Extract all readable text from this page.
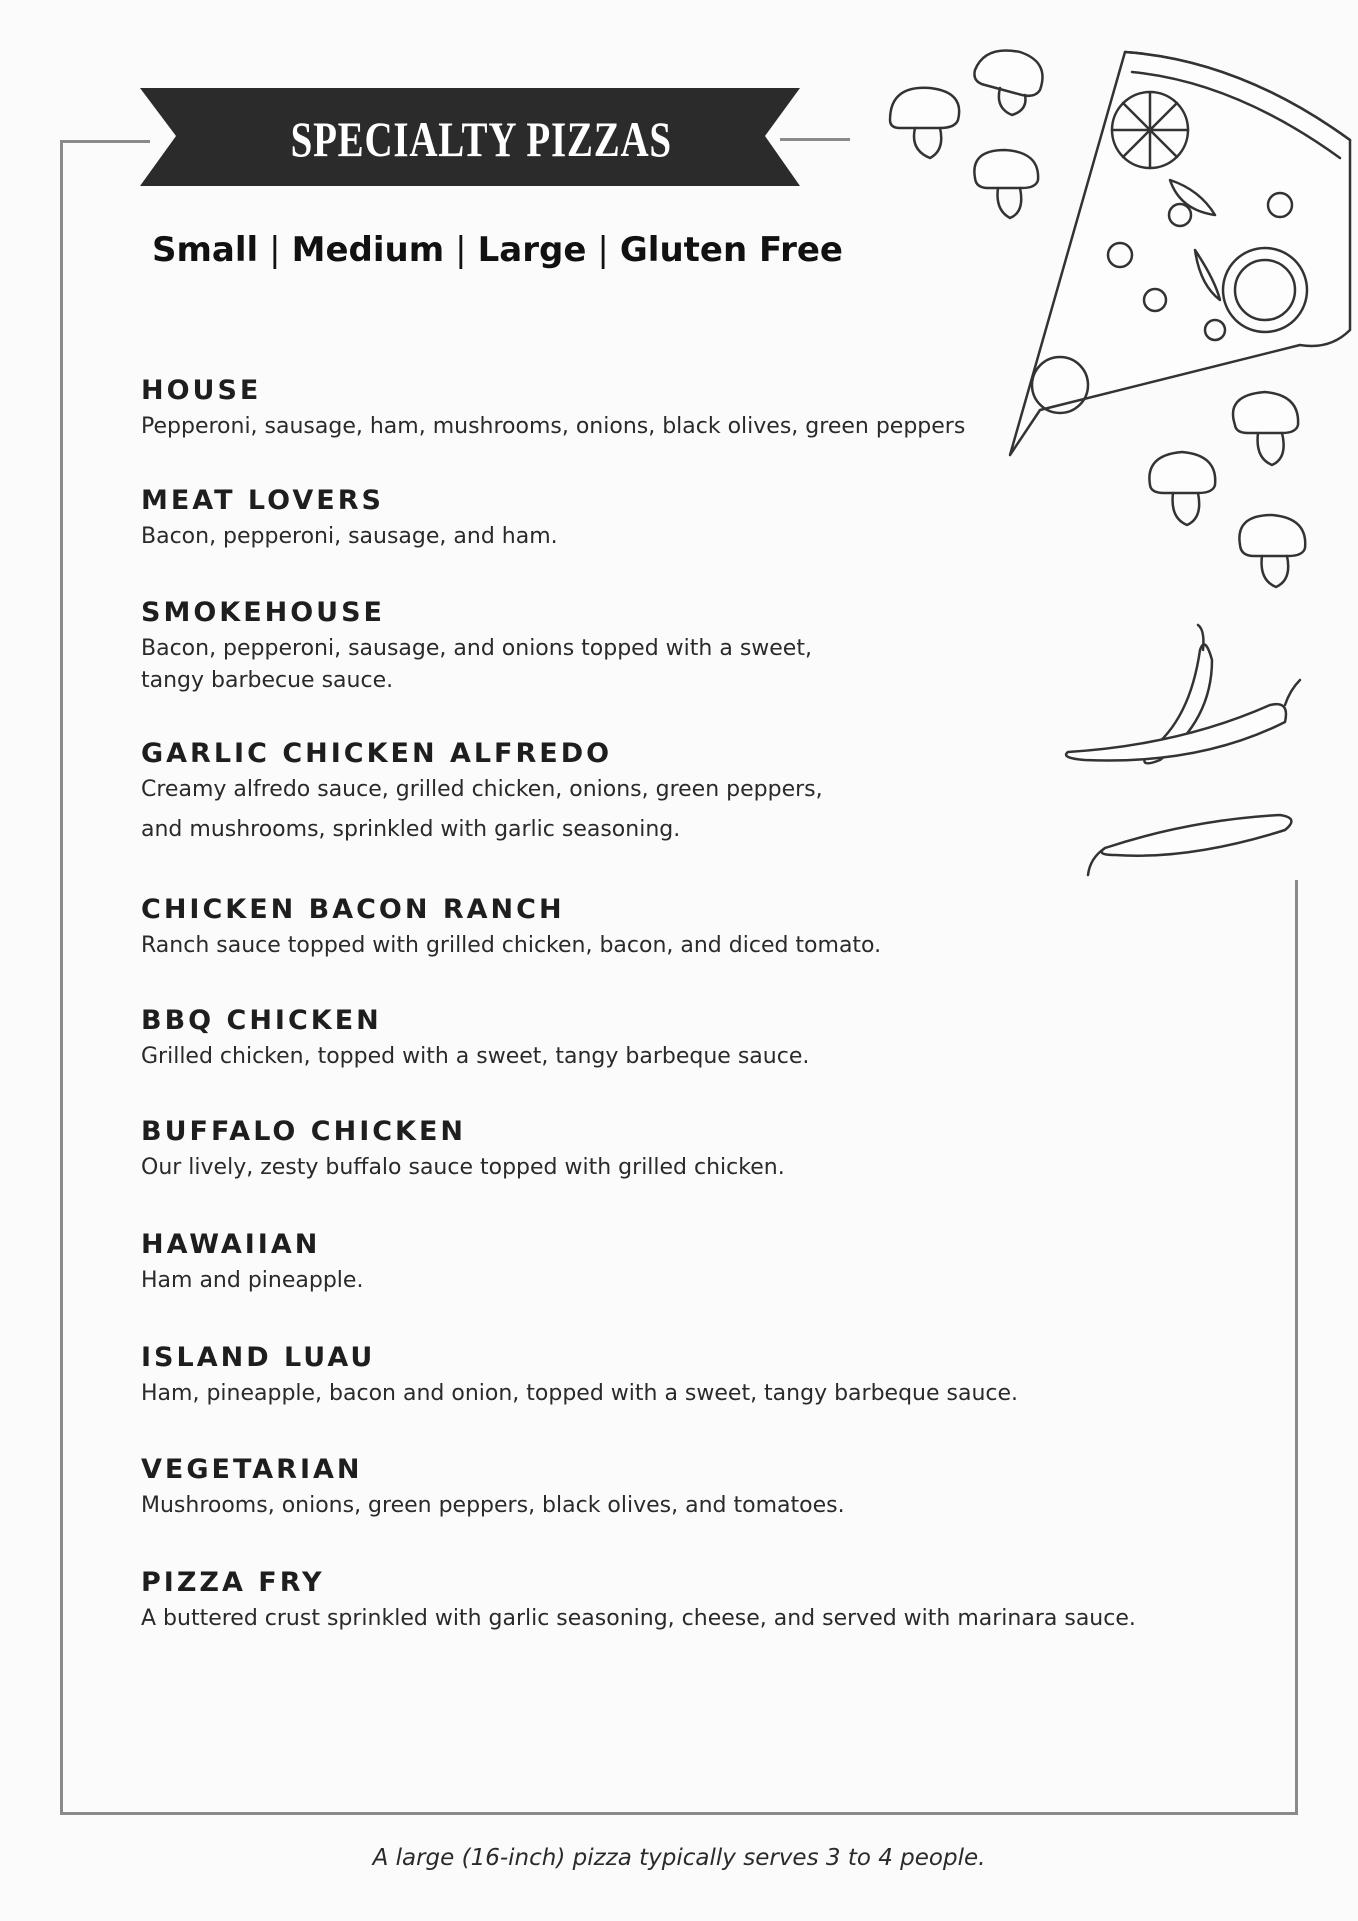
SPECIALTY PIZZAS
Small | Medium | Large | Gluten Free

HOUSE

Pepperoni, sausage, ham, mushrooms, onions, black olives, green peppers

MEAT LOVERS

Bacon, pepperoni, sausage, and ham.

SMOKEHOUSE

Bacon, pepperoni, sausage, and onions topped with a sweet,

tangy barbecue sauce.

GARLIC CHICKEN ALFREDO

Creamy alfredo sauce, grilled chicken, onions, green peppers,

and mushrooms, sprinkled with garlic seasoning.

CHICKEN BACON RANCH

Ranch sauce topped with grilled chicken, bacon, and diced tomato.

BBQ CHICKEN

Grilled chicken, topped with a sweet, tangy barbeque sauce.

BUFFALO CHICKEN

Our lively, zesty buffalo sauce topped with grilled chicken.

HAWAIIAN

Ham and pineapple.

ISLAND LUAU

Ham, pineapple, bacon and onion, topped with a sweet, tangy barbeque sauce.

VEGETARIAN

Mushrooms, onions, green peppers, black olives, and tomatoes.

PIZZA FRY

A buttered crust sprinkled with garlic seasoning, cheese, and served with marinara sauce.

A large (16-inch) pizza typically serves 3 to 4 people.
